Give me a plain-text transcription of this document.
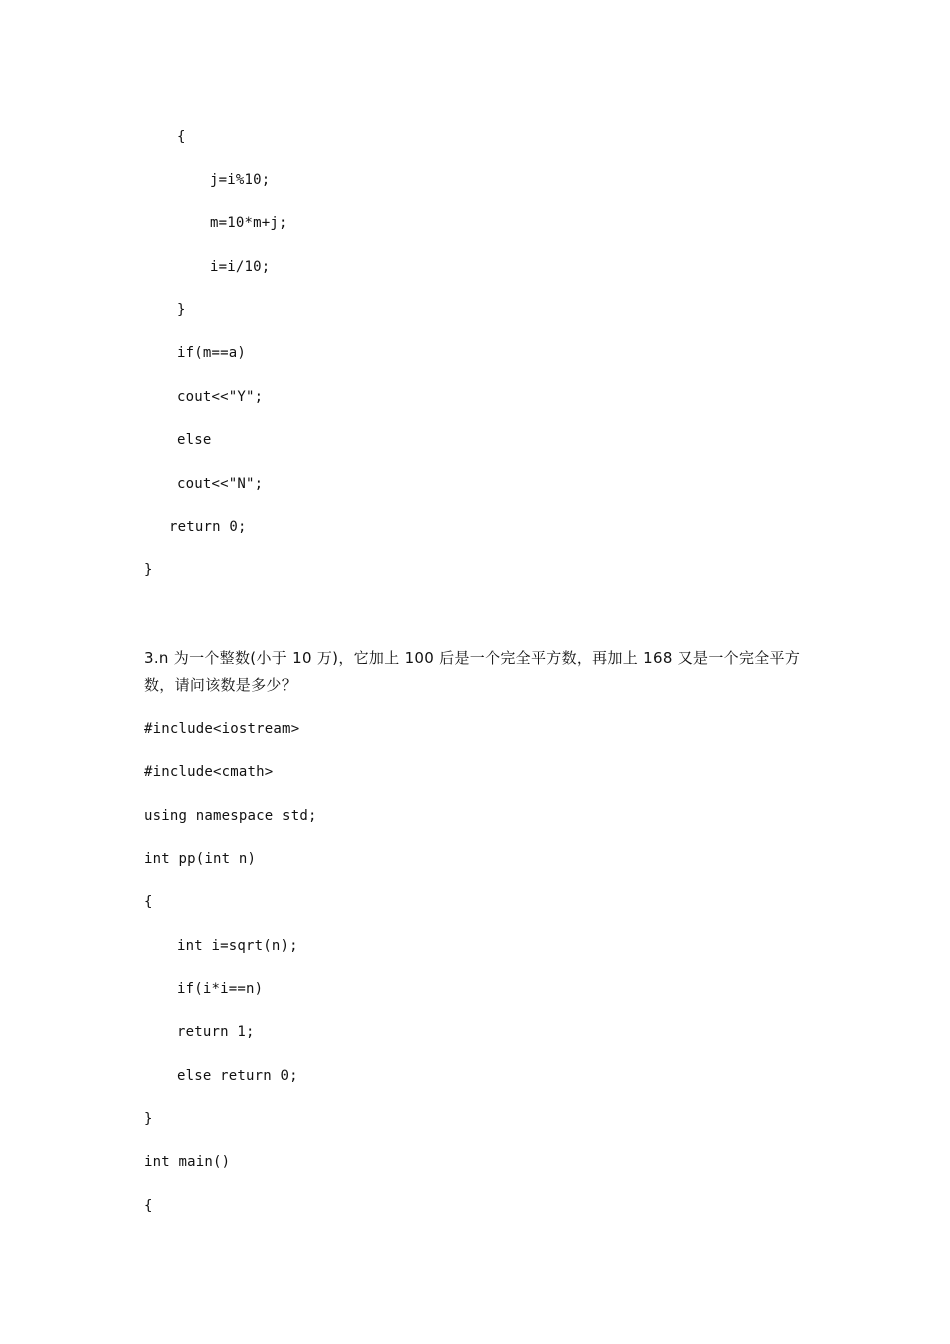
{
j=i%10;
m=10*m+j;
i=i/10;
}
if(m==a)
cout<<"Y";
else
cout<<"N";
return 0;
}
3.n 为一个整数(小于 10 万)，它加上 100 后是一个完全平方数，再加上 168 又是一个完全平方数，请问该数是多少？
#include<iostream>
#include<cmath>
using namespace std;
int pp(int n)
{
int i=sqrt(n);
if(i*i==n)
return 1;
else return 0;
}
int main()
{
